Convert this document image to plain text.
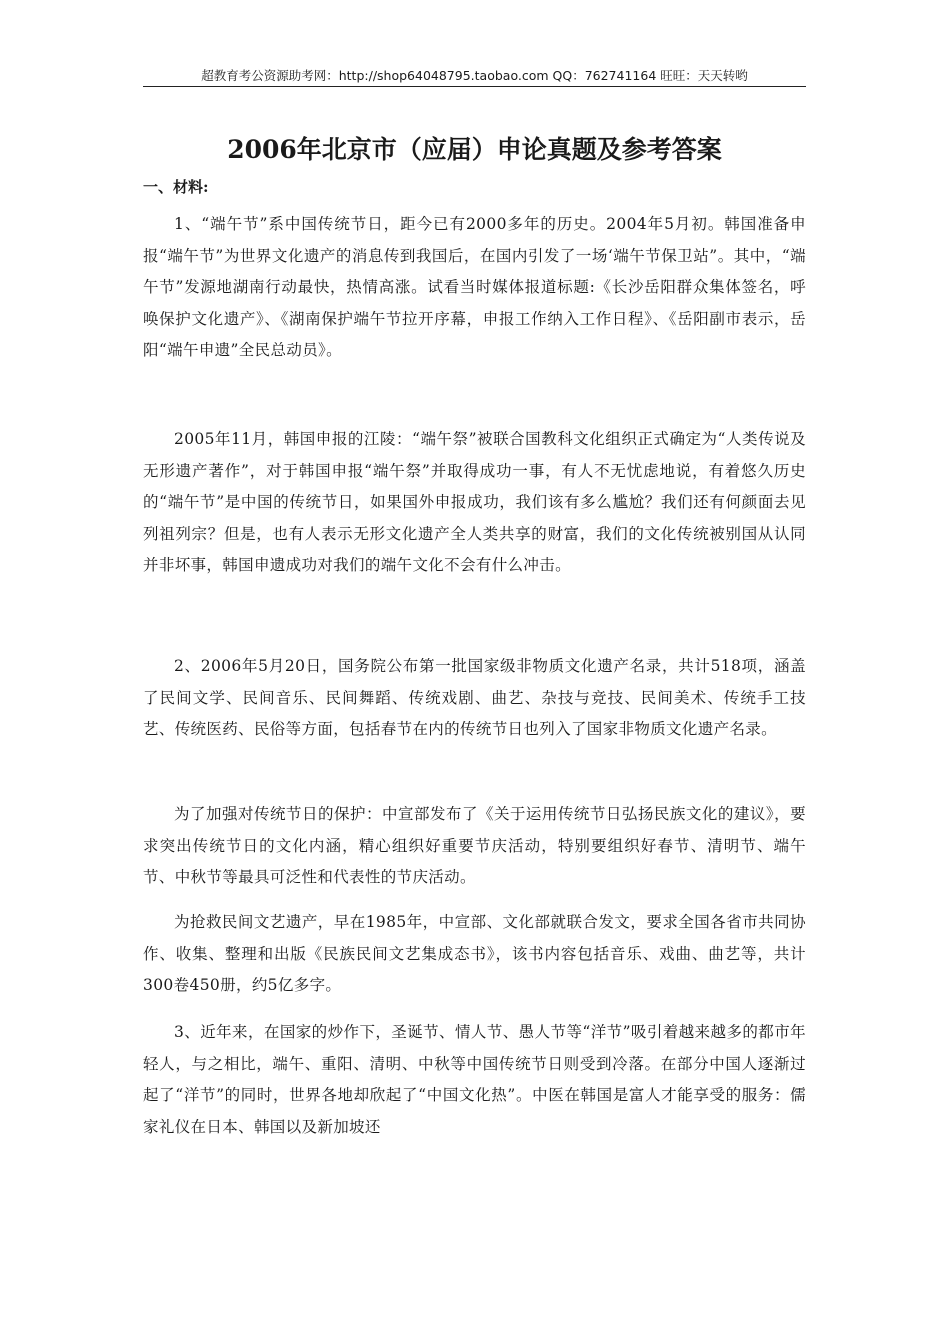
超教育考公资源助考网：http://shop64048795.taobao.com QQ：762741164 旺旺：天天转哟
2006年北京市（应届）申论真题及参考答案
一、材料:

1、“端午节”系中国传统节日，距今已有2000多年的历史。2004年5月初。韩国准备申报“端午节”为世界文化遗产的消息传到我国后，在国内引发了一场‘端午节保卫站”。其中，“端午节”发源地湖南行动最快，热情高涨。试看当时媒体报道标题:《长沙岳阳群众集体签名，呼唤保护文化遗产》、《湖南保护端午节拉开序幕，申报工作纳入工作日程》、《岳阳副市表示，岳阳“端午申遗”全民总动员》。

2005年11月，韩国申报的江陵：“端午祭”被联合国教科文化组织正式确定为“人类传说及无形遗产著作”，对于韩国申报“端午祭”并取得成功一事，有人不无忧虑地说，有着悠久历史的“端午节”是中国的传统节日，如果国外申报成功，我们该有多么尴尬？我们还有何颜面去见列祖列宗？但是，也有人表示无形文化遗产全人类共享的财富，我们的文化传统被别国从认同并非坏事，韩国申遗成功对我们的端午文化不会有什么冲击。

2、2006年5月20日，国务院公布第一批国家级非物质文化遗产名录，共计518项，涵盖了民间文学、民间音乐、民间舞蹈、传统戏剧、曲艺、杂技与竞技、民间美术、传统手工技艺、传统医药、民俗等方面，包括春节在内的传统节日也列入了国家非物质文化遗产名录。

为了加强对传统节日的保护：中宣部发布了《关于运用传统节日弘扬民族文化的建议》，要求突出传统节日的文化内涵，精心组织好重要节庆活动，特别要组织好春节、清明节、端午节、中秋节等最具可泛性和代表性的节庆活动。

为抢救民间文艺遗产，早在1985年，中宣部、文化部就联合发文，要求全国各省市共同协作、收集、整理和出版《民族民间文艺集成态书》，该书内容包括音乐、戏曲、曲艺等，共计300卷450册，约5亿多字。

3、近年来，在国家的炒作下，圣诞节、情人节、愚人节等“洋节”吸引着越来越多的都市年轻人，与之相比，端午、重阳、清明、中秋等中国传统节日则受到冷落。在部分中国人逐渐过起了“洋节”的同时，世界各地却欣起了“中国文化热”。中医在韩国是富人才能享受的服务：儒家礼仪在日本、韩国以及新加坡还
